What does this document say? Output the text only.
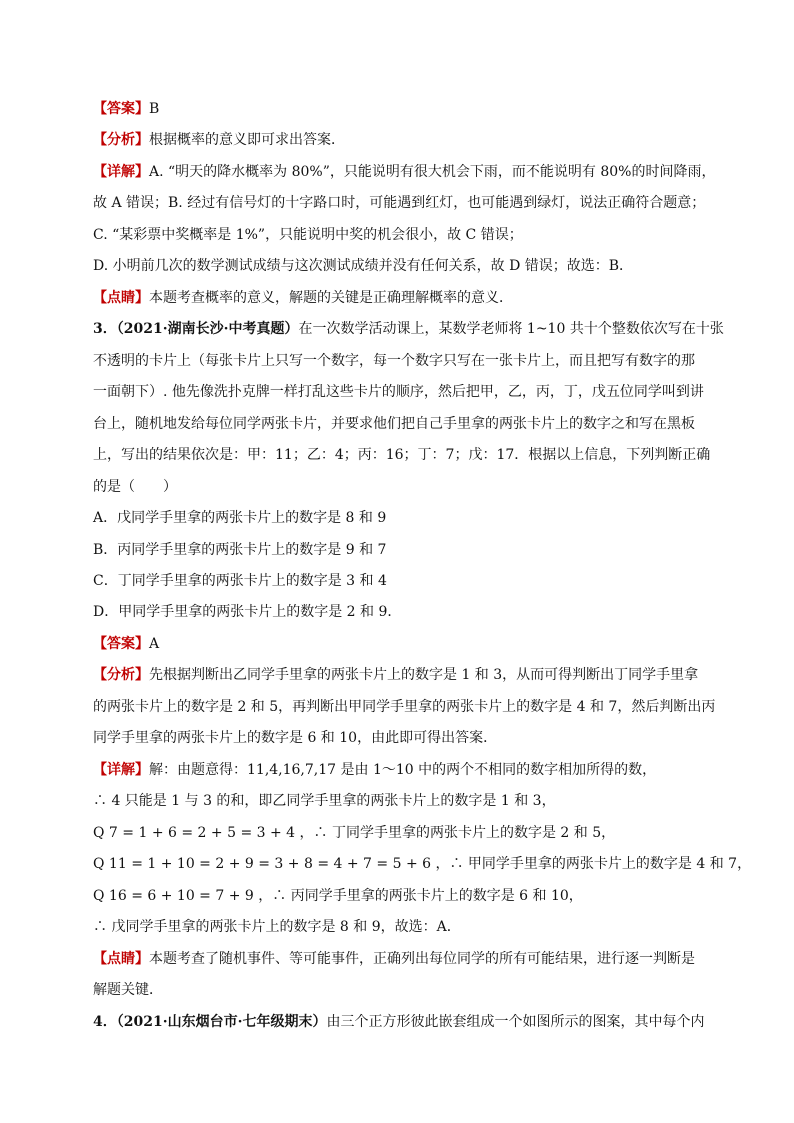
【答案】B
【分析】根据概率的意义即可求出答案．
【详解】A. “明天的降水概率为 80%”，只能说明有很大机会下雨，而不能说明有 80%的时间降雨，
故 A 错误；B. 经过有信号灯的十字路口时，可能遇到红灯，也可能遇到绿灯，说法正确符合题意；
C. “某彩票中奖概率是 1%”，只能说明中奖的机会很小，故 C 错误；
D. 小明前几次的数学测试成绩与这次测试成绩并没有任何关系，故 D 错误；故选：B．
【点睛】本题考查概率的意义，解题的关键是正确理解概率的意义．
3．（2021·湖南长沙·中考真题）在一次数学活动课上，某数学老师将 1~10 共十个整数依次写在十张
不透明的卡片上（每张卡片上只写一个数字，每一个数字只写在一张卡片上，而且把写有数字的那
一面朝下）. 他先像洗扑克牌一样打乱这些卡片的顺序，然后把甲，乙，丙，丁，戊五位同学叫到讲
台上，随机地发给每位同学两张卡片，并要求他们把自己手里拿的两张卡片上的数字之和写在黑板
上，写出的结果依次是：甲：11；乙：4；丙：16；丁：7；戊：17．根据以上信息，下列判断正确
的是（　　）
A．戊同学手里拿的两张卡片上的数字是 8 和 9
B．丙同学手里拿的两张卡片上的数字是 9 和 7
C．丁同学手里拿的两张卡片上的数字是 3 和 4
D．甲同学手里拿的两张卡片上的数字是 2 和 9．
【答案】A
【分析】先根据判断出乙同学手里拿的两张卡片上的数字是 1 和 3，从而可得判断出丁同学手里拿
的两张卡片上的数字是 2 和 5，再判断出甲同学手里拿的两张卡片上的数字是 4 和 7，然后判断出丙
同学手里拿的两张卡片上的数字是 6 和 10，由此即可得出答案．
【详解】解：由题意得：11,4,16,7,17 是由 1～10 中的两个不相同的数字相加所得的数，
∴ 4 只能是 1 与 3 的和，即乙同学手里拿的两张卡片上的数字是 1 和 3，
Q 7 = 1 + 6 = 2 + 5 = 3 + 4 ，∴ 丁同学手里拿的两张卡片上的数字是 2 和 5，
Q 11 = 1 + 10 = 2 + 9 = 3 + 8 = 4 + 7 = 5 + 6 ，∴ 甲同学手里拿的两张卡片上的数字是 4 和 7，
Q 16 = 6 + 10 = 7 + 9 ，∴ 丙同学手里拿的两张卡片上的数字是 6 和 10，
∴ 戊同学手里拿的两张卡片上的数字是 8 和 9，故选：A．
【点睛】本题考查了随机事件、等可能事件，正确列出每位同学的所有可能结果，进行逐一判断是
解题关键．
4．（2021·山东烟台市·七年级期末）由三个正方形彼此嵌套组成一个如图所示的图案，其中每个内
